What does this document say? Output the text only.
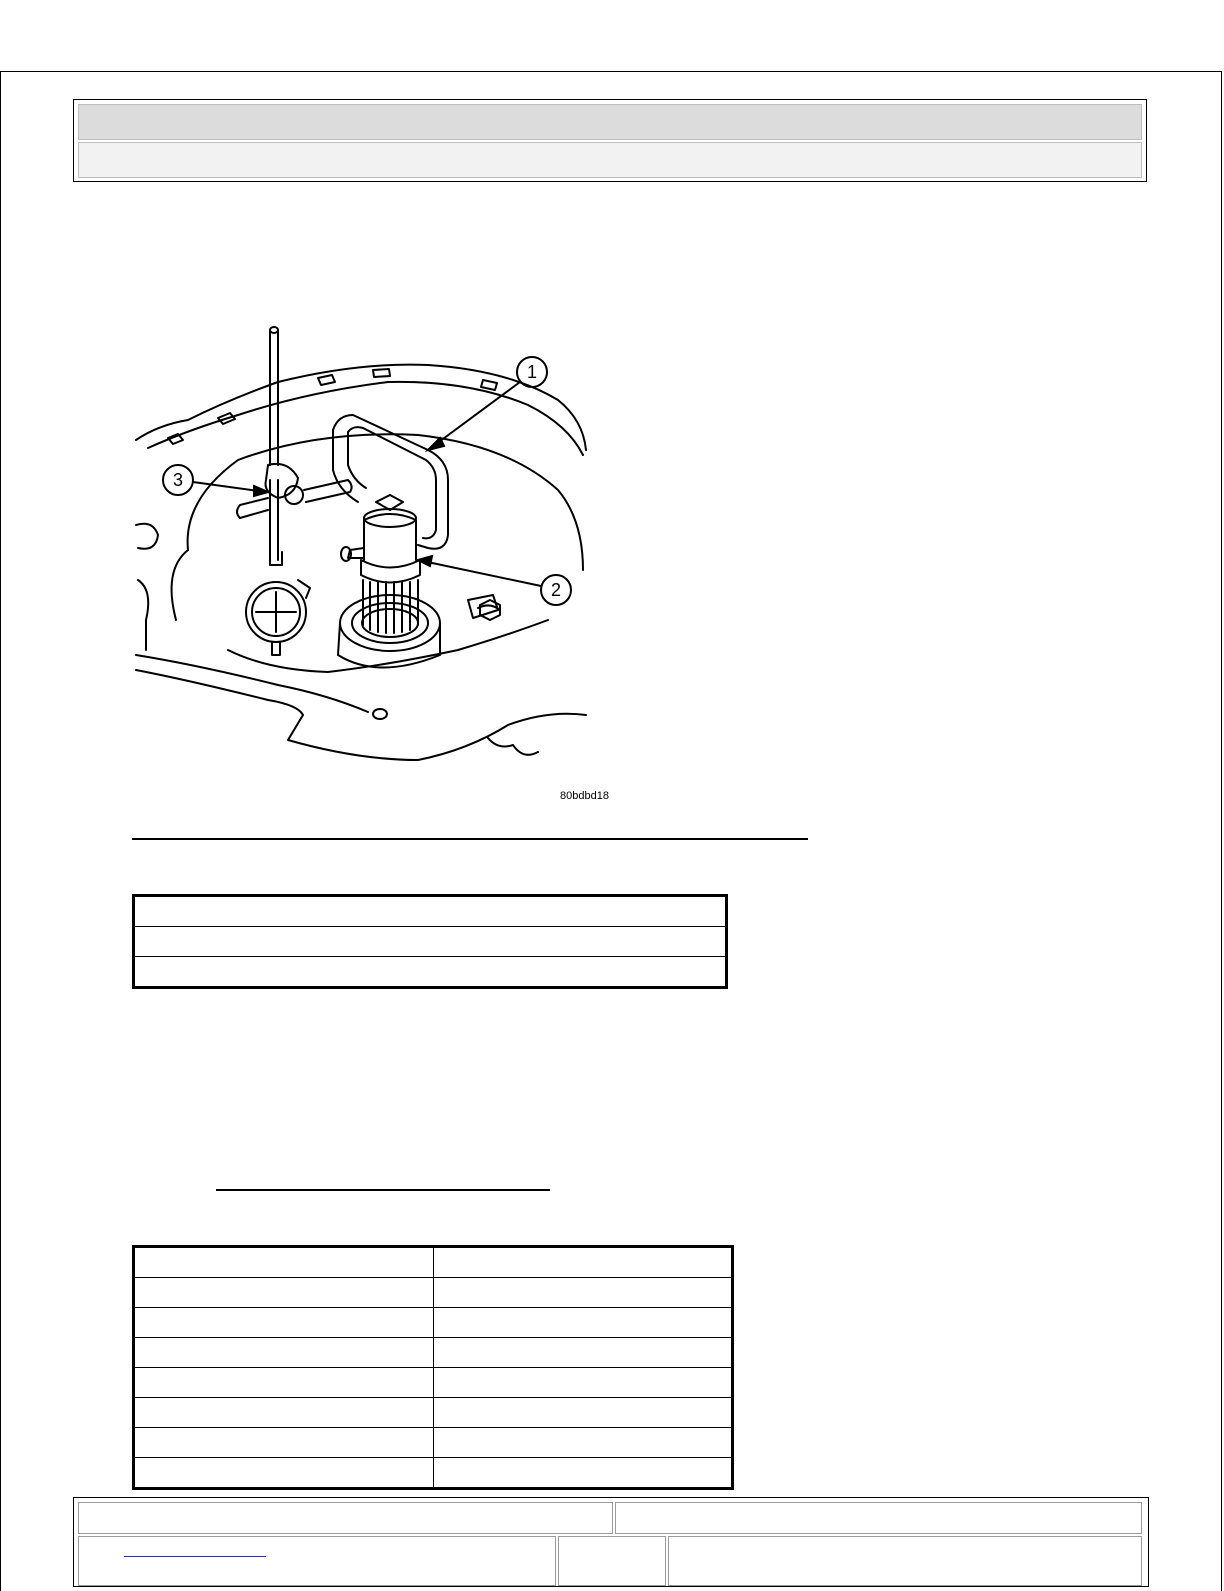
1
2
3
80bdbd18
